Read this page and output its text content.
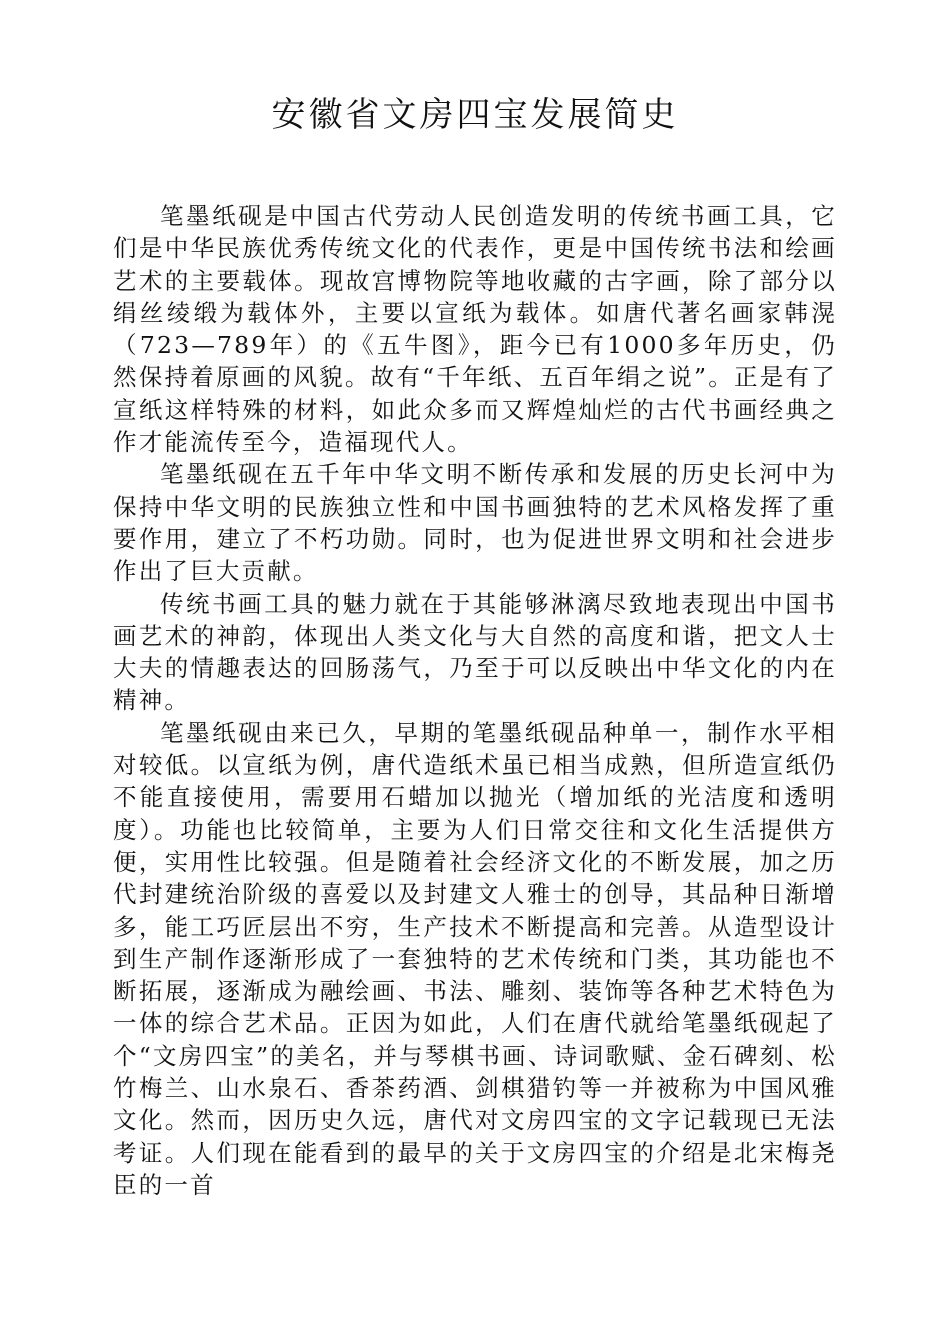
安徽省文房四宝发展简史

笔墨纸砚是中国古代劳动人民创造发明的传统书画工具，它们是中华民族优秀传统文化的代表作，更是中国传统书法和绘画艺术的主要载体。现故宫博物院等地收藏的古字画，除了部分以绢丝绫缎为载体外，主要以宣纸为载体。如唐代著名画家韩滉（723—789年）的《五牛图》，距今已有1000多年历史，仍然保持着原画的风貌。故有“千年纸、五百年绢之说”。正是有了宣纸这样特殊的材料，如此众多而又辉煌灿烂的古代书画经典之作才能流传至今，造福现代人。

笔墨纸砚在五千年中华文明不断传承和发展的历史长河中为保持中华文明的民族独立性和中国书画独特的艺术风格发挥了重要作用，建立了不朽功勋。同时，也为促进世界文明和社会进步作出了巨大贡献。

传统书画工具的魅力就在于其能够淋漓尽致地表现出中国书画艺术的神韵，体现出人类文化与大自然的高度和谐，把文人士大夫的情趣表达的回肠荡气，乃至于可以反映出中华文化的内在精神。

笔墨纸砚由来已久，早期的笔墨纸砚品种单一，制作水平相对较低。以宣纸为例，唐代造纸术虽已相当成熟，但所造宣纸仍不能直接使用，需要用石蜡加以抛光（增加纸的光洁度和透明度）。功能也比较简单，主要为人们日常交往和文化生活提供方便，实用性比较强。但是随着社会经济文化的不断发展，加之历代封建统治阶级的喜爱以及封建文人雅士的创导，其品种日渐增多，能工巧匠层出不穷，生产技术不断提高和完善。从造型设计到生产制作逐渐形成了一套独特的艺术传统和门类，其功能也不断拓展，逐渐成为融绘画、书法、雕刻、装饰等各种艺术特色为一体的综合艺术品。正因为如此，人们在唐代就给笔墨纸砚起了个“文房四宝”的美名，并与琴棋书画、诗词歌赋、金石碑刻、松竹梅兰、山水泉石、香茶药酒、剑棋猎钓等一并被称为中国风雅文化。然而，因历史久远，唐代对文房四宝的文字记载现已无法考证。人们现在能看到的最早的关于文房四宝的介绍是北宋梅尧臣的一首
